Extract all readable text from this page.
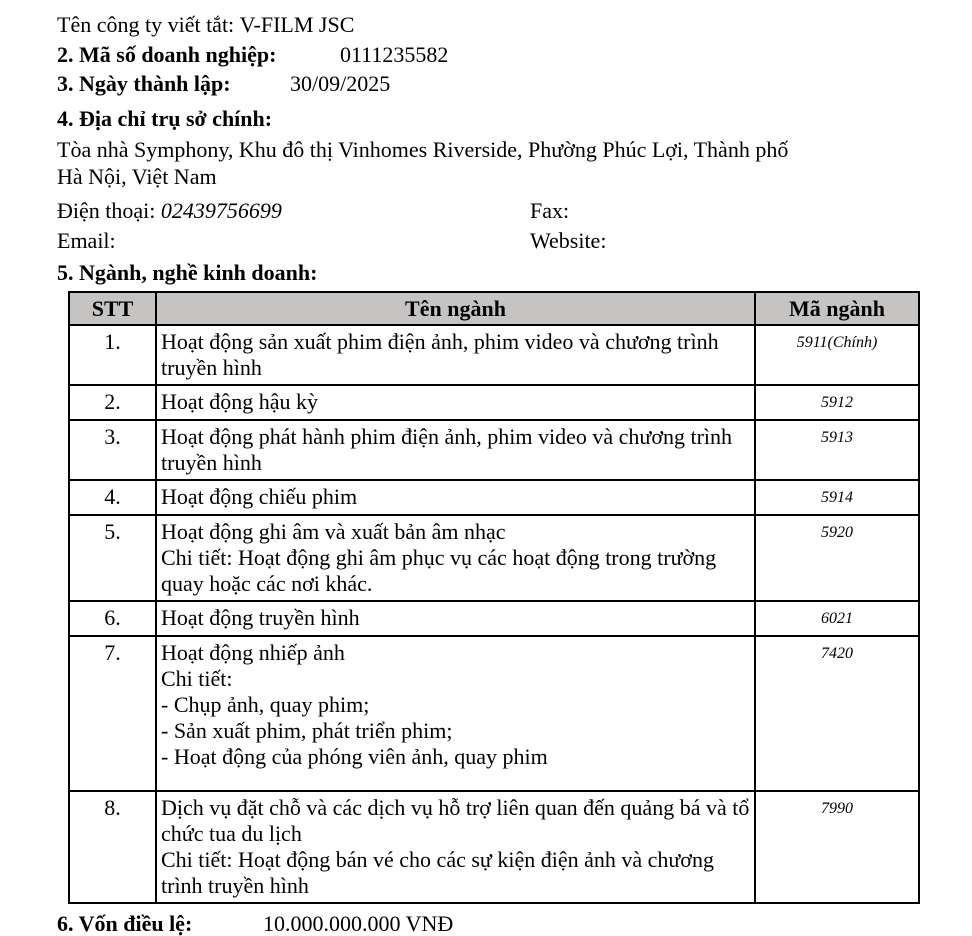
Tên công ty viết tắt: V-FILM JSC

2. Mã số doanh nghiệp:	0111235582

3. Ngày thành lập:	30/09/2025

4. Địa chỉ trụ sở chính:

Tòa nhà Symphony, Khu đô thị Vinhomes Riverside, Phường Phúc Lợi, Thành phố
Hà Nội, Việt Nam
Điện thoại: 02439756699	Fax:
Email:	Website:

5. Ngành, nghề kinh doanh:

STT	Tên ngành	Mã ngành
1.	Hoạt động sản xuất phim điện ảnh, phim video và chương trình truyền hình	5911(Chính)
2.	Hoạt động hậu kỳ	5912
3.	Hoạt động phát hành phim điện ảnh, phim video và chương trình truyền hình	5913
4.	Hoạt động chiếu phim	5914
5.	Hoạt động ghi âm và xuất bản âm nhạc
Chi tiết: Hoạt động ghi âm phục vụ các hoạt động trong trường quay hoặc các nơi khác.	5920
6.	Hoạt động truyền hình	6021
7.	Hoạt động nhiếp ảnh
Chi tiết:
- Chụp ảnh, quay phim;
- Sản xuất phim, phát triển phim;
- Hoạt động của phóng viên ảnh, quay phim	7420
8.	Dịch vụ đặt chỗ và các dịch vụ hỗ trợ liên quan đến quảng bá và tổ chức tua du lịch
Chi tiết: Hoạt động bán vé cho các sự kiện điện ảnh và chương trình truyền hình	7990

6. Vốn điều lệ:	10.000.000.000 VNĐ
